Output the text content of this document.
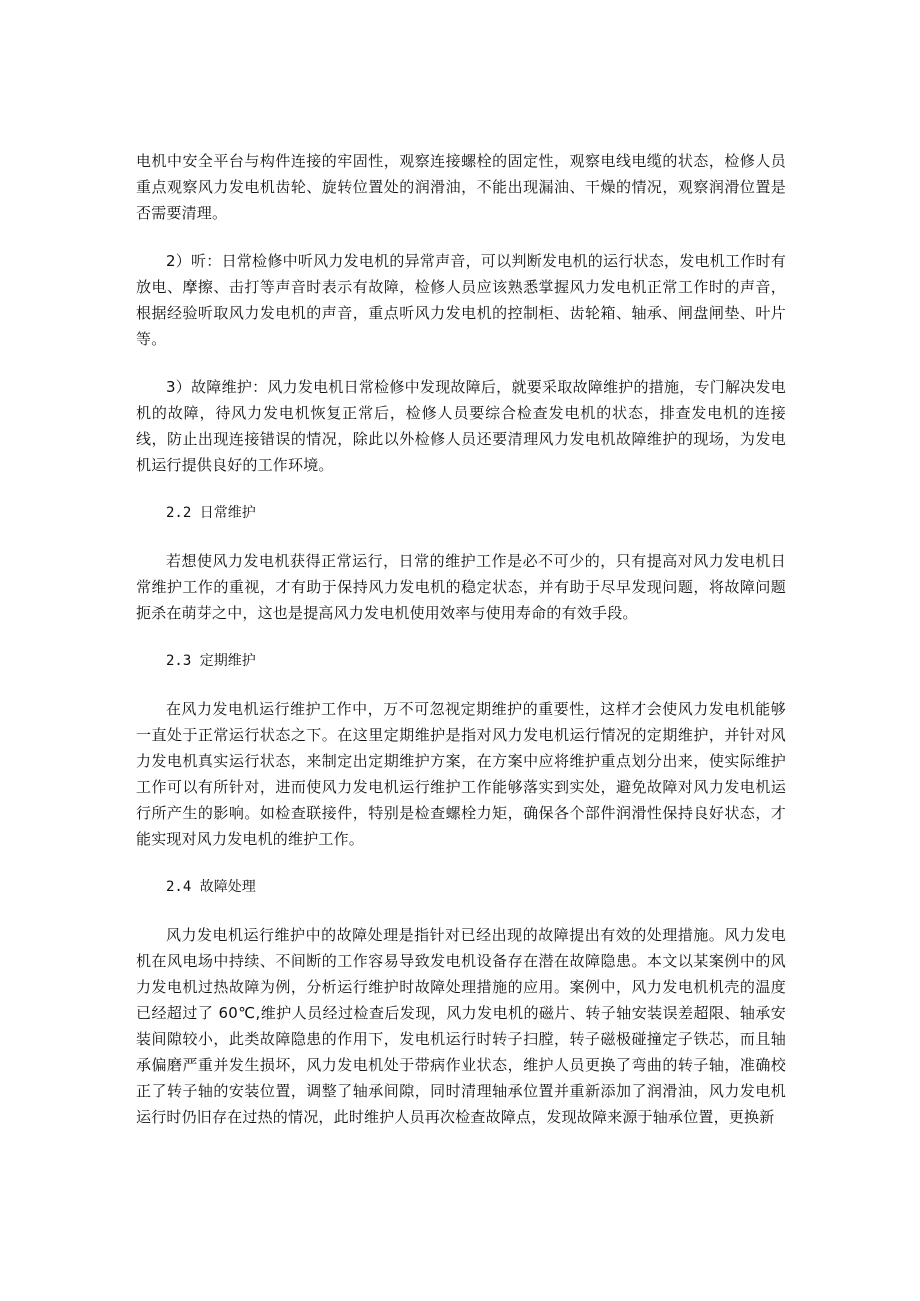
电机中安全平台与构件连接的牢固性，观察连接螺栓的固定性，观察电线电缆的状态，检修人员重点观察风力发电机齿轮、旋转位置处的润滑油，不能出现漏油、干燥的情况，观察润滑位置是否需要清理。

2）听：日常检修中听风力发电机的异常声音，可以判断发电机的运行状态，发电机工作时有放电、摩擦、击打等声音时表示有故障，检修人员应该熟悉掌握风力发电机正常工作时的声音，根据经验听取风力发电机的声音，重点听风力发电机的控制柜、齿轮箱、轴承、闸盘闸垫、叶片等。

3）故障维护：风力发电机日常检修中发现故障后，就要采取故障维护的措施，专门解决发电机的故障，待风力发电机恢复正常后，检修人员要综合检查发电机的状态，排查发电机的连接线，防止出现连接错误的情况，除此以外检修人员还要清理风力发电机故障维护的现场，为发电机运行提供良好的工作环境。

2.2 日常维护

若想使风力发电机获得正常运行，日常的维护工作是必不可少的，只有提高对风力发电机日常维护工作的重视，才有助于保持风力发电机的稳定状态，并有助于尽早发现问题，将故障问题扼杀在萌芽之中，这也是提高风力发电机使用效率与使用寿命的有效手段。

2.3 定期维护

在风力发电机运行维护工作中，万不可忽视定期维护的重要性，这样才会使风力发电机能够一直处于正常运行状态之下。在这里定期维护是指对风力发电机运行情况的定期维护，并针对风力发电机真实运行状态，来制定出定期维护方案，在方案中应将维护重点划分出来，使实际维护工作可以有所针对，进而使风力发电机运行维护工作能够落实到实处，避免故障对风力发电机运行所产生的影响。如检查联接件，特别是检查螺栓力矩，确保各个部件润滑性保持良好状态，才能实现对风力发电机的维护工作。

2.4 故障处理

风力发电机运行维护中的故障处理是指针对已经出现的故障提出有效的处理措施。风力发电机在风电场中持续、不间断的工作容易导致发电机设备存在潜在故障隐患。本文以某案例中的风力发电机过热故障为例，分析运行维护时故障处理措施的应用。案例中，风力发电机机壳的温度已经超过了 60℃,维护人员经过检查后发现，风力发电机的磁片、转子轴安装误差超限、轴承安装间隙较小，此类故障隐患的作用下，发电机运行时转子扫膛，转子磁极碰撞定子铁芯，而且轴承偏磨严重并发生损坏，风力发电机处于带病作业状态，维护人员更换了弯曲的转子轴，准确校正了转子轴的安装位置，调整了轴承间隙，同时清理轴承位置并重新添加了润滑油，风力发电机运行时仍旧存在过热的情况，此时维护人员再次检查故障点，发现故障来源于轴承位置，更换新
